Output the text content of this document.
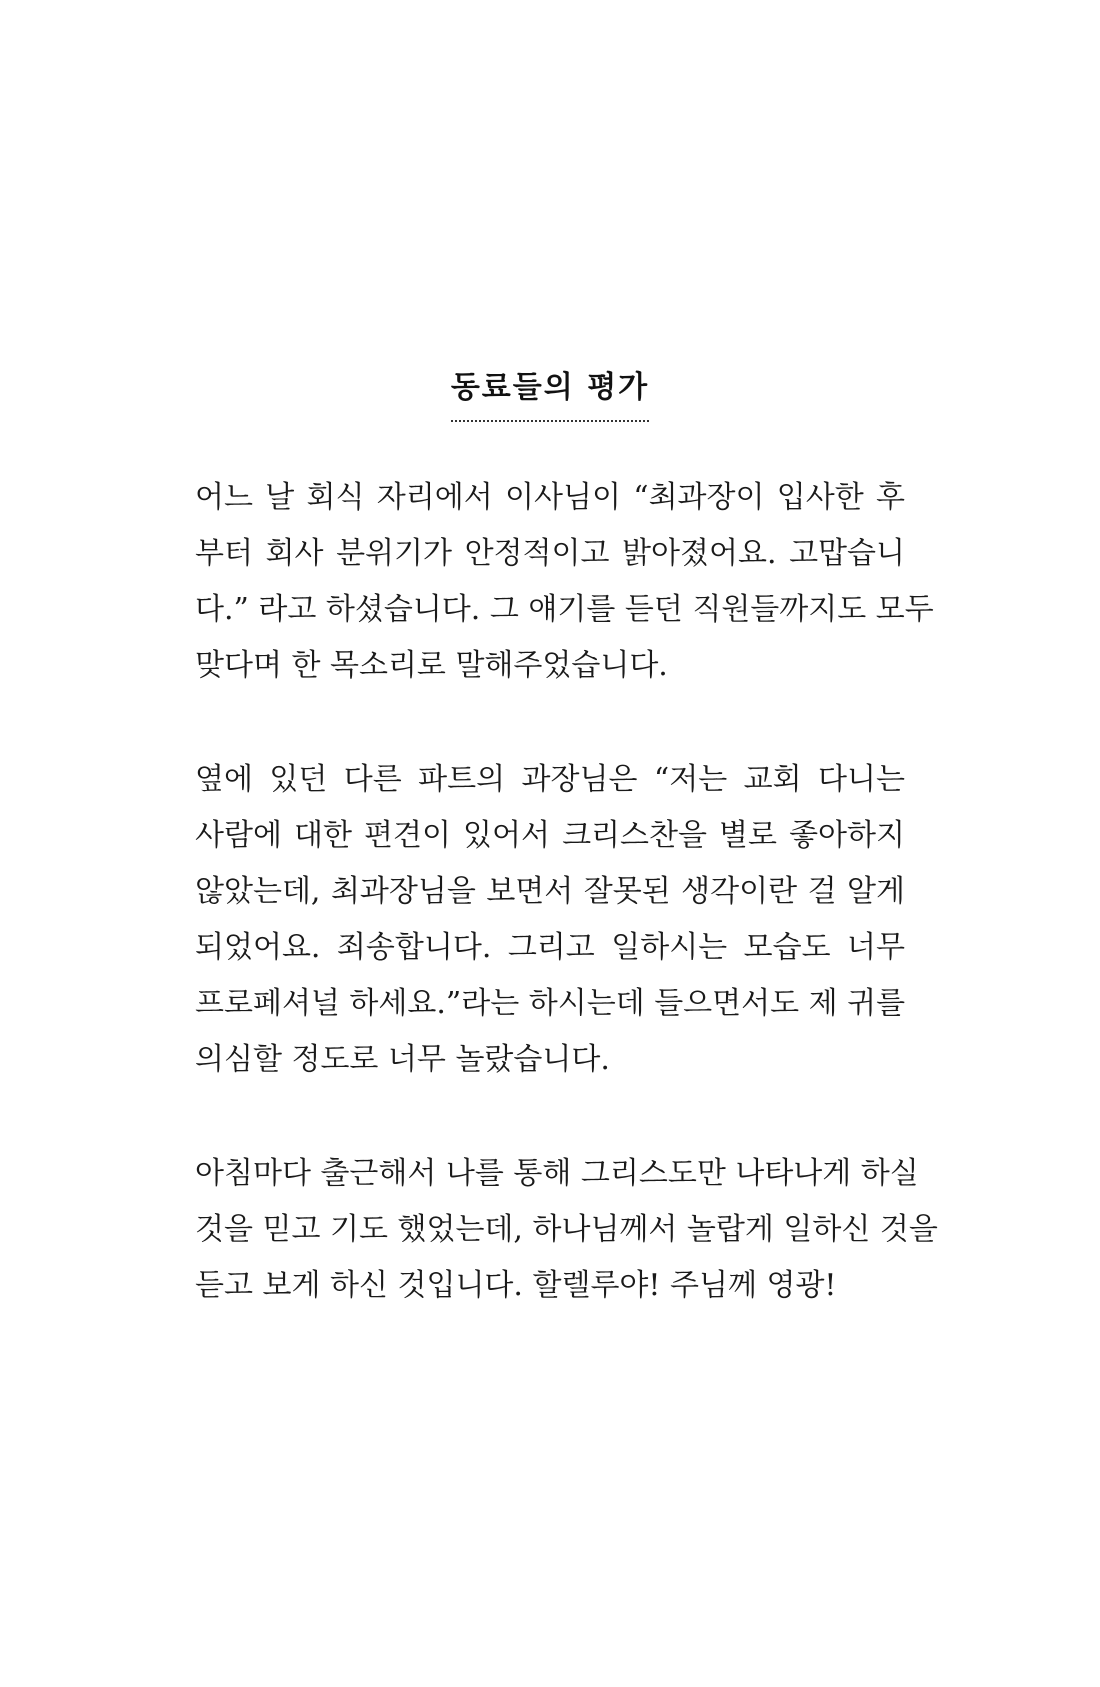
동료들의 평가
어느 날 회식 자리에서 이사님이 “최과장이 입사한 후
부터 회사 분위기가 안정적이고 밝아졌어요. 고맙습니
다.” 라고 하셨습니다. 그 얘기를 듣던 직원들까지도 모두
맞다며 한 목소리로 말해주었습니다.
옆에 있던 다른 파트의 과장님은 “저는 교회 다니는
사람에 대한 편견이 있어서 크리스찬을 별로 좋아하지
않았는데, 최과장님을 보면서 잘못된 생각이란 걸 알게
되었어요. 죄송합니다. 그리고 일하시는 모습도 너무
프로페셔널 하세요.”라는 하시는데 들으면서도 제 귀를
의심할 정도로 너무 놀랐습니다.
아침마다 출근해서 나를 통해 그리스도만 나타나게 하실
것을 믿고 기도 했었는데, 하나님께서 놀랍게 일하신 것을
듣고 보게 하신 것입니다. 할렐루야! 주님께 영광!
